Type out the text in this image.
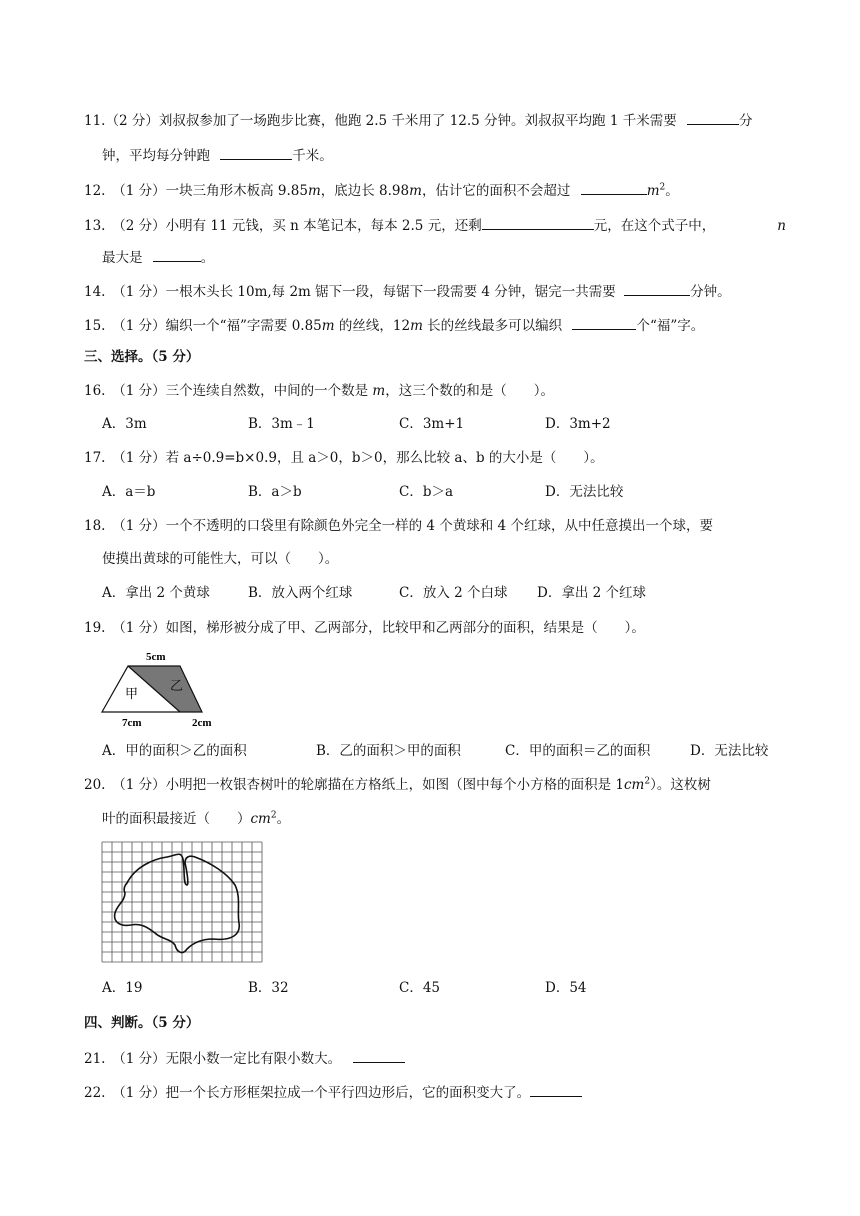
11.（2 分）刘叔叔参加了一场跑步比赛，他跑 2.5 千米用了 12.5 分钟。刘叔叔平均跑 1 千米需要	分
钟，平均每分钟跑	千米。
12.　（1 分）一块三角形木板高 9.85m，底边长 8.98m，估计它的面积不会超过	$m^2$。
13.　（2 分）小明有 11 元钱，买 n 本笔记本，每本 2.5 元，还剩	元，在这个式子中，	n
最大是	。
14.　（1 分）一根木头长 10m,每 2m 锯下一段，每锯下一段需要 4 分钟，锯完一共需要	分钟。
15.　（1 分）编织一个“福”字需要 0.85m 的丝线，12m 长的丝线最多可以编织	个“福”字。
三、选择。（5 分）
16.　（1 分）三个连续自然数，中间的一个数是 m，这三个数的和是（　　）。
A．3m	B．3m﹣1	C．3m+1	D．3m+2
17.　（1 分）若 a÷0.9=b×0.9，且 a＞0，b＞0，那么比较 a、b 的大小是（　　）。
A．a＝b	B．a＞b	C．b＞a	D．无法比较
18.　（1 分）一个不透明的口袋里有除颜色外完全一样的 4 个黄球和 4 个红球，从中任意摸出一个球，要
使摸出黄球的可能性大，可以（　　）。
A．拿出 2 个黄球	B．放入两个红球	C．放入 2 个白球 D．拿出 2 个红球
19.　（1 分）如图，梯形被分成了甲、乙两部分，比较甲和乙两部分的面积，结果是（　　）。
5cm
甲
乙
7cm	2cm
A．甲的面积＞乙的面积	B．乙的面积＞甲的面积	C．甲的面积＝乙的面积	D．无法比较
20.　（1 分）小明把一枚银杏树叶的轮廓描在方格纸上，如图（图中每个小方格的面积是 $1cm^2$）。这枚树
叶的面积最接近（　　）$cm^2$。
A．19	B．32	C．45	D．54
四、判断。（5 分）
21.　（1 分）无限小数一定比有限小数大。
22.　（1 分）把一个长方形框架拉成一个平行四边形后，它的面积变大了。
